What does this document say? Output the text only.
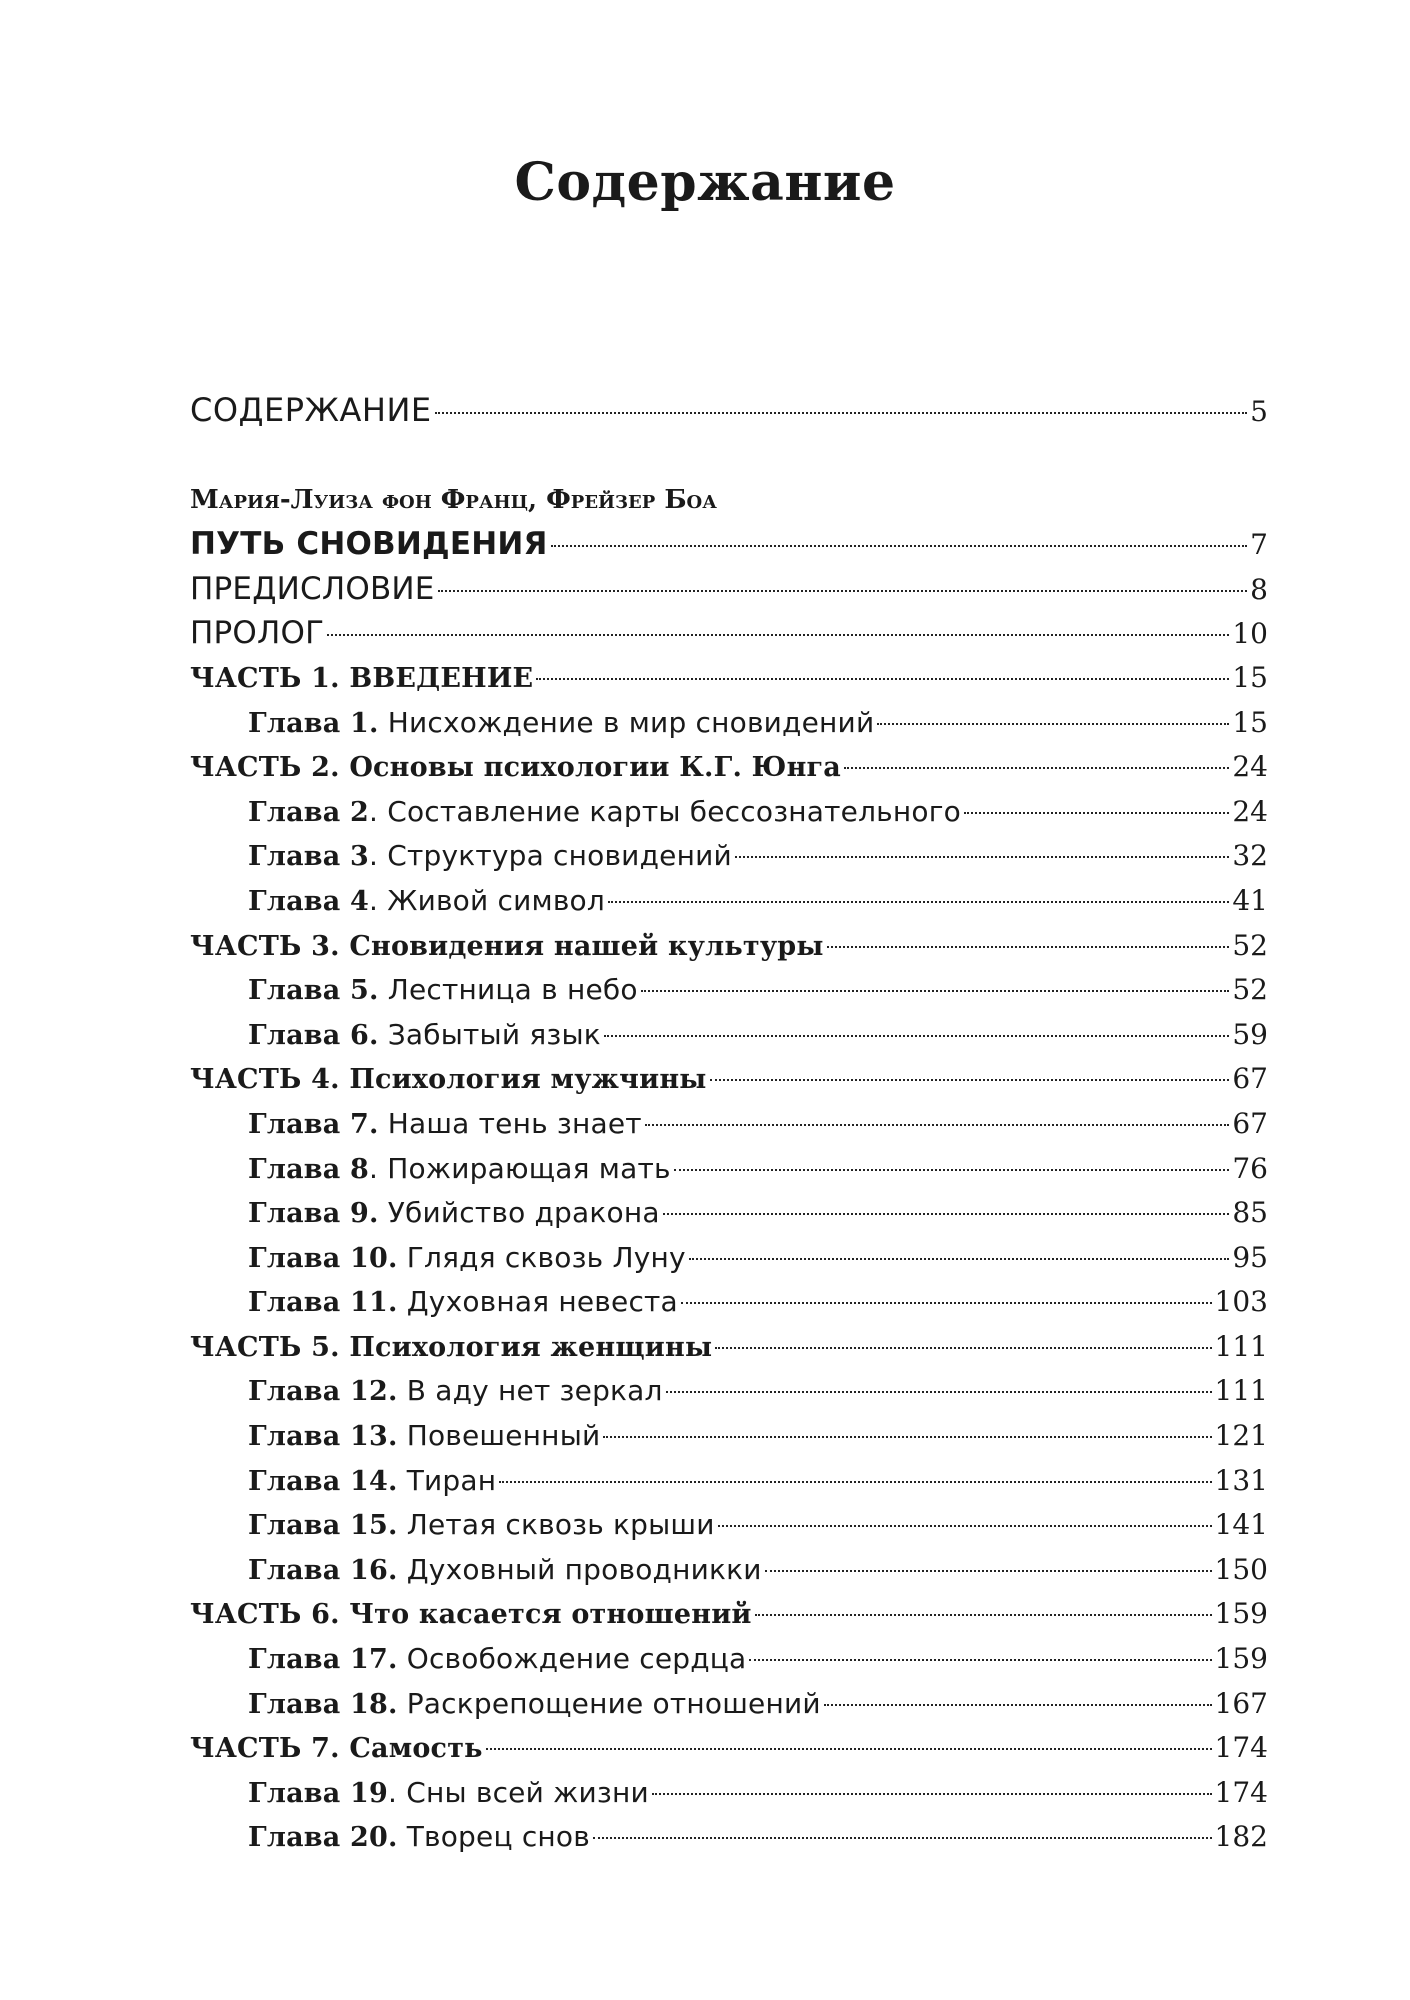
Содержание
СОДЕРЖАНИЕ	5
Мария-Луиза фон Франц, Фрейзер Боа
ПУТЬ СНОВИДЕНИЯ	7
ПРЕДИСЛОВИЕ	8
ПРОЛОГ	10
ЧАСТЬ 1. ВВЕДЕНИЕ	15
Глава 1. Нисхождение в мир сновидений	15
ЧАСТЬ 2. Основы психологии К.Г. Юнга	24
Глава 2. Составление карты бессознательного	24
Глава 3. Структура сновидений	32
Глава 4. Живой символ	41
ЧАСТЬ 3. Сновидения нашей культуры	52
Глава 5. Лестница в небо	52
Глава 6. Забытый язык	59
ЧАСТЬ 4. Психология мужчины	67
Глава 7. Наша тень знает	67
Глава 8. Пожирающая мать	76
Глава 9. Убийство дракона	85
Глава 10. Глядя сквозь Луну	95
Глава 11. Духовная невеста	103
ЧАСТЬ 5. Психология женщины	111
Глава 12. В аду нет зеркал	111
Глава 13. Повешенный	121
Глава 14. Тиран	131
Глава 15. Летая сквозь крыши	141
Глава 16. Духовный проводникки	150
ЧАСТЬ 6. Что касается отношений	159
Глава 17. Освобождение сердца	159
Глава 18. Раскрепощение отношений	167
ЧАСТЬ 7. Самость	174
Глава 19. Сны всей жизни	174
Глава 20. Творец снов	182
